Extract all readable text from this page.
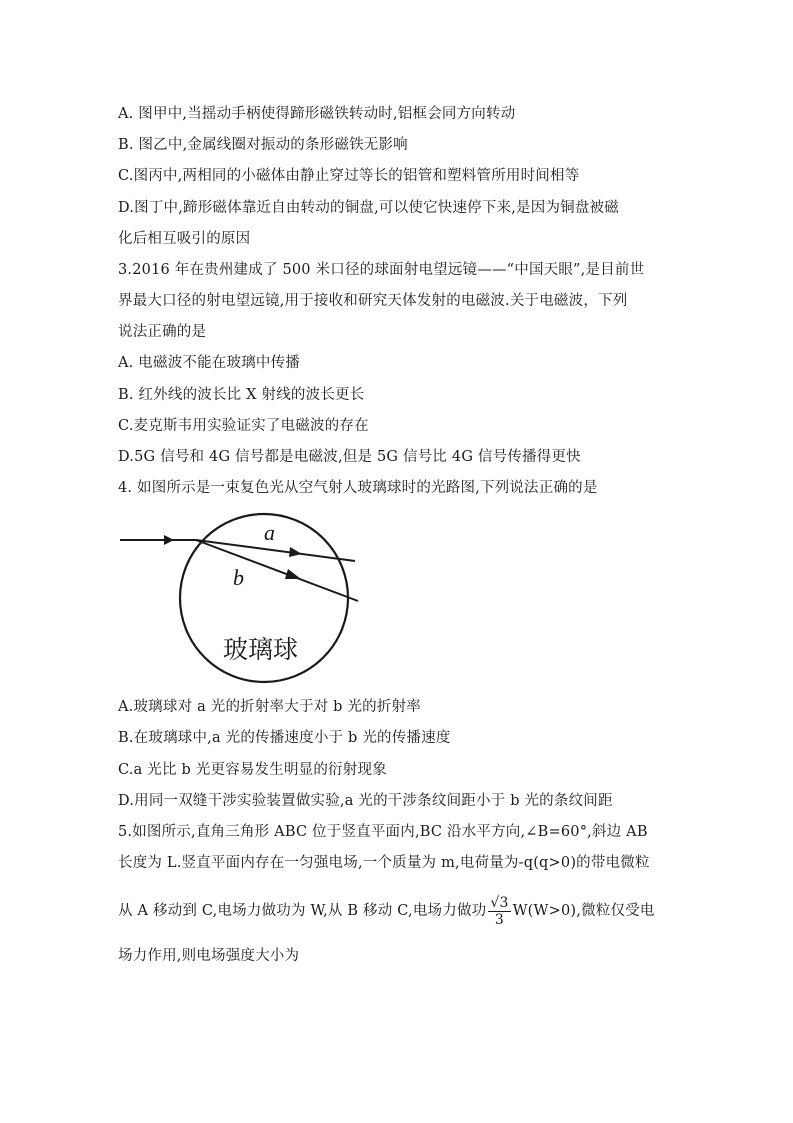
A. 图甲中,当摇动手柄使得蹄形磁铁转动时,铝框会同方向转动
B. 图乙中,金属线圈对振动的条形磁铁无影响
C.图丙中,两相同的小磁体由静止穿过等长的铝管和塑料管所用时间相等
D.图丁中,蹄形磁体靠近自由转动的铜盘,可以使它快速停下来,是因为铜盘被磁
化后相互吸引的原因
3.2016 年在贵州建成了 500 米口径的球面射电望远镜——“中国天眼”,是目前世
界最大口径的射电望远镜,用于接收和研究天体发射的电磁波.关于电磁波，下列
说法正确的是
A. 电磁波不能在玻璃中传播
B. 红外线的波长比 X 射线的波长更长
C.麦克斯韦用实验证实了电磁波的存在
D.5G 信号和 4G 信号都是电磁波,但是 5G 信号比 4G 信号传播得更快
4. 如图所示是一束复色光从空气射人玻璃球时的光路图,下列说法正确的是
a
b
玻璃球
A.玻璃球对 a 光的折射率大于对 b 光的折射率
B.在玻璃球中,a 光的传播速度小于 b 光的传播速度
C.a 光比 b 光更容易发生明显的衍射现象
D.用同一双缝干涉实验装置做实验,a 光的干涉条纹间距小于 b 光的条纹间距
5.如图所示,直角三角形 ABC 位于竖直平面内,BC 沿水平方向,∠B=60°,斜边 AB
长度为 L.竖直平面内存在一匀强电场,一个质量为 m,电荷量为-q(q>0)的带电微粒
从 A 移动到 C,电场力做功为 W,从 B 移动 C,电场力做功 $\frac{√3}{3} W(W>0)$,微粒仅受电
场力作用,则电场强度大小为
